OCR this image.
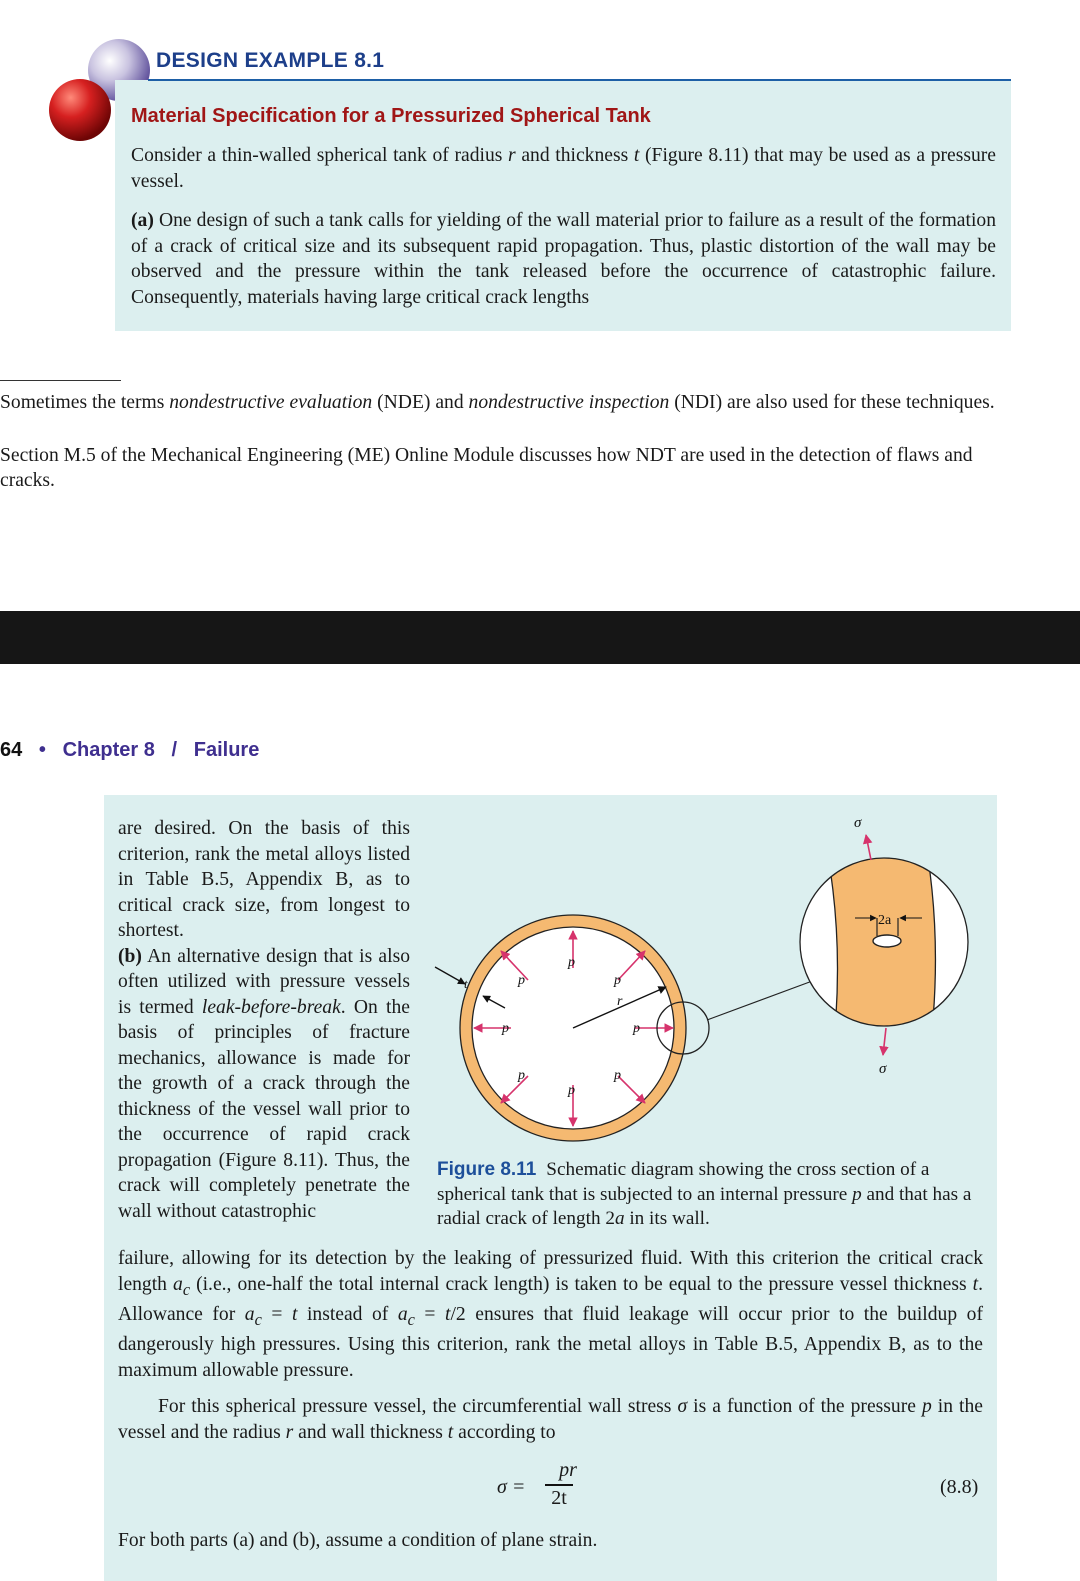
DESIGN EXAMPLE 8.1
Material Specification for a Pressurized Spherical Tank
Consider a thin-walled spherical tank of radius r and thickness t (Figure 8.11) that may be used as a pressure vessel.
(a) One design of such a tank calls for yielding of the wall material prior to failure as a result of the formation of a crack of critical size and its subsequent rapid propagation. Thus, plastic distortion of the wall may be observed and the pressure within the tank released before the occurrence of catastrophic failure. Consequently, materials having large critical crack lengths
Sometimes the terms nondestructive evaluation (NDE) and nondestructive inspection (NDI) are also used for these techniques.
Section M.5 of the Mechanical Engineering (ME) Online Module discusses how NDT are used in the detection of flaws and cracks.
64 • Chapter 8 / Failure
are desired. On the basis of this criterion, rank the metal alloys listed in Table B.5, Appendix B, as to critical crack size, from longest to shortest.
(b) An alternative design that is also often utilized with pressure vessels is termed leak-before-break. On the basis of principles of fracture mechanics, allowance is made for the growth of a crack through the thickness of the vessel wall prior to the occurrence of rapid crack propagation (Figure 8.11). Thus, the crack will completely penetrate the wall without catastrophic
failure, allowing for its detection by the leaking of pressurized fluid. With this criterion the critical crack length $a_c$ (i.e., one-half the total internal crack length) is taken to be equal to the pressure vessel thickness t. Allowance for $a_c = t$ instead of $a_c = t/2$ ensures that fluid leakage will occur prior to the buildup of dangerously high pressures. Using this criterion, rank the metal alloys in Table B.5, Appendix B, as to the maximum allowable pressure.
For this spherical pressure vessel, the circumferential wall stress σ is a function of the pressure p in the vessel and the radius r and wall thickness t according to
σ =
pr
2t	(8.8)
For both parts (a) and (b), assume a condition of plane strain.
Figure 8.11 Schematic diagram showing the cross section of a spherical tank that is subjected to an internal pressure p and that has a radial crack of length 2a in its wall.
p
p
p	p
p	p
p	p
r
t
2a
σ
σ
